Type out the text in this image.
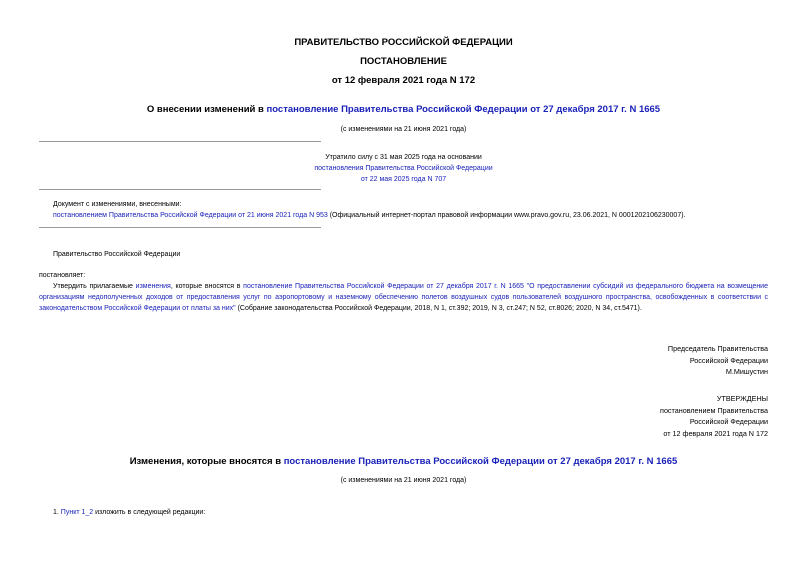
ПРАВИТЕЛЬСТВО РОССИЙСКОЙ ФЕДЕРАЦИИ
ПОСТАНОВЛЕНИЕ
от 12 февраля 2021 года N 172
О внесении изменений в постановление Правительства Российской Федерации от 27 декабря 2017 г. N 1665
(с изменениями на 21 июня 2021 года)
Утратило силу с 31 мая 2025 года на основании
постановления Правительства Российской Федерации
от 22 мая 2025 года N 707
Документ с изменениями, внесенными:
постановлением Правительства Российской Федерации от 21 июня 2021 года N 953 (Официальный интернет-портал правовой информации www.pravo.gov.ru, 23.06.2021, N 0001202106230007).
Правительство Российской Федерации
постановляет:
Утвердить прилагаемые изменения, которые вносятся в постановление Правительства Российской Федерации от 27 декабря 2017 г. N 1665 "О предоставлении субсидий из федерального бюджета на возмещение организациям недополученных доходов от предоставления услуг по аэропортовому и наземному обеспечению полетов воздушных судов пользователей воздушного пространства, освобожденных в соответствии с законодательством Российской Федерации от платы за них" (Собрание законодательства Российской Федерации, 2018, N 1, ст.392; 2019, N 3, ст.247; N 52, ст.8026; 2020, N 34, ст.5471).
Председатель Правительства
Российской Федерации
М.Мишустин
УТВЕРЖДЕНЫ
постановлением Правительства
Российской Федерации
от 12 февраля 2021 года N 172
Изменения, которые вносятся в постановление Правительства Российской Федерации от 27 декабря 2017 г. N 1665
(с изменениями на 21 июня 2021 года)
1. Пункт 1_2 изложить в следующей редакции:
